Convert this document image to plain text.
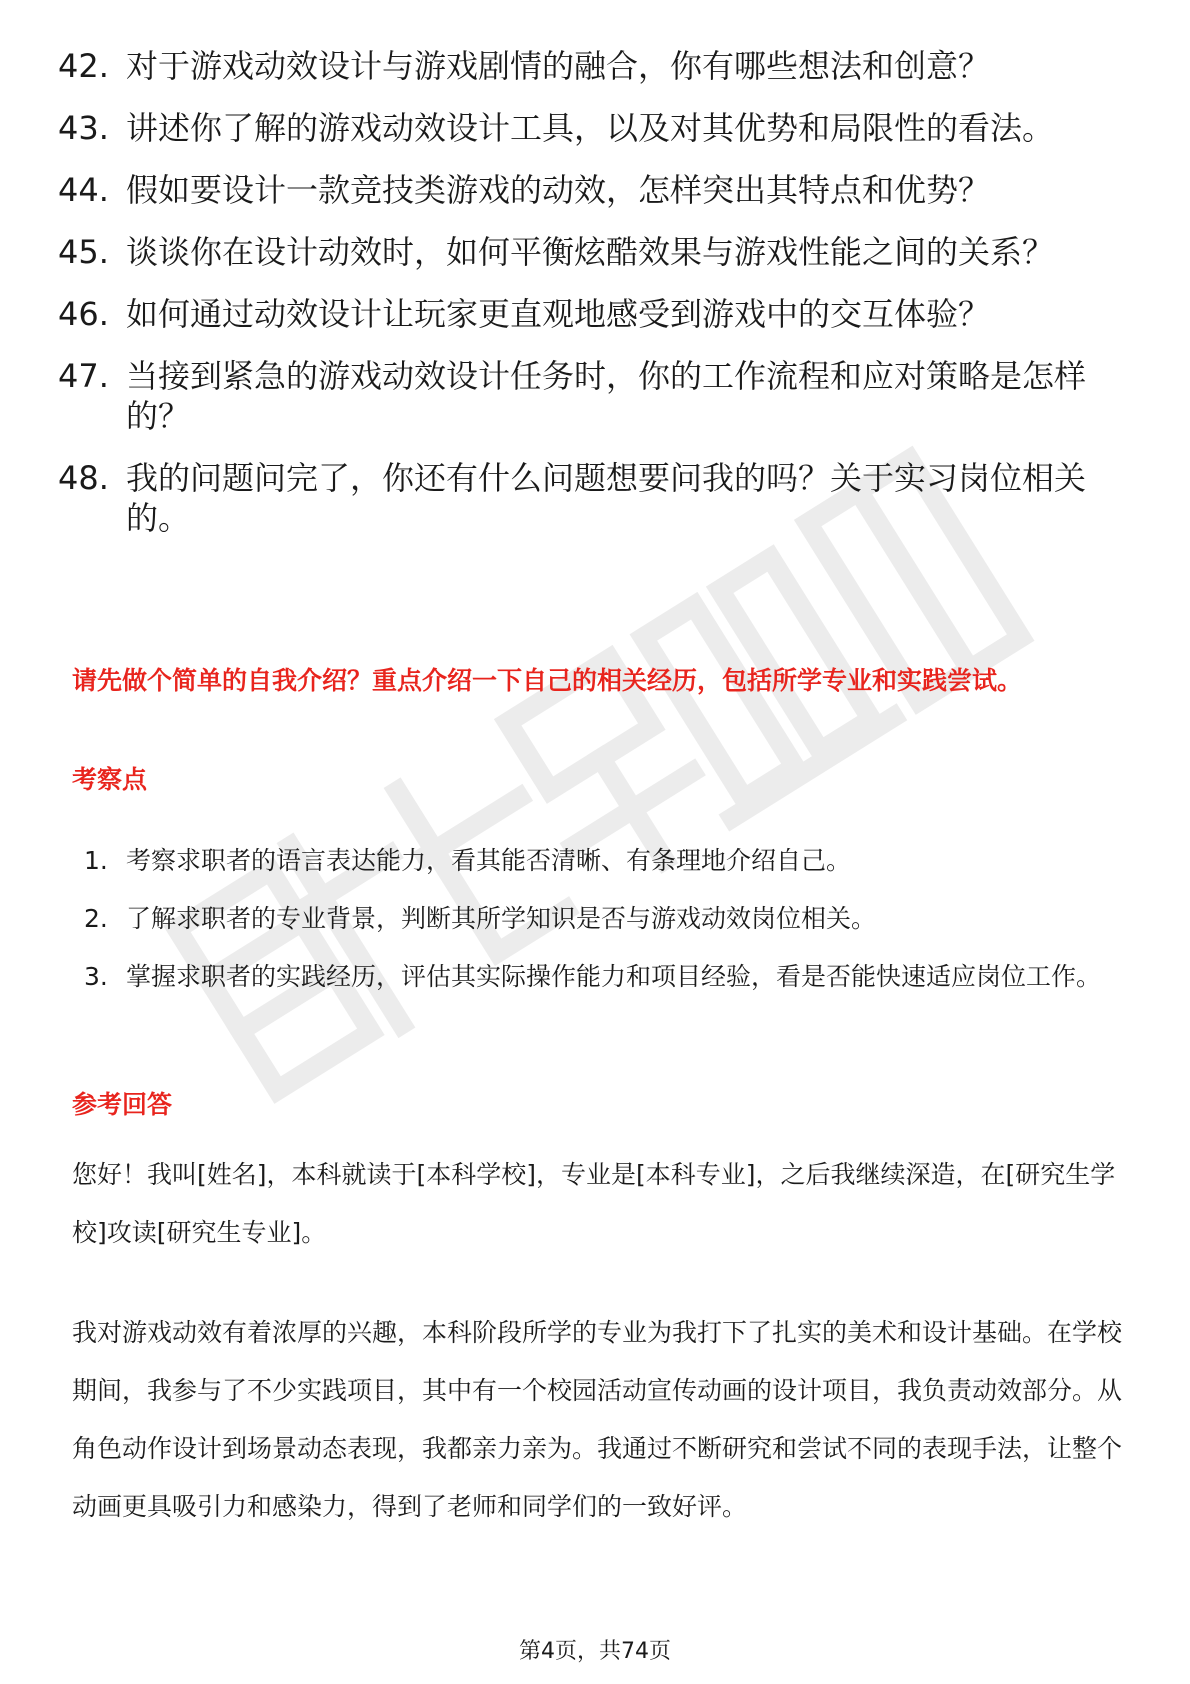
42. 对于游戏动效设计与游戏剧情的融合，你有哪些想法和创意？
43. 讲述你了解的游戏动效设计工具，以及对其优势和局限性的看法。
44. 假如要设计一款竞技类游戏的动效，怎样突出其特点和优势？
45. 谈谈你在设计动效时，如何平衡炫酷效果与游戏性能之间的关系？
46. 如何通过动效设计让玩家更直观地感受到游戏中的交互体验？
47. 当接到紧急的游戏动效设计任务时，你的工作流程和应对策略是怎样的？
48. 我的问题问完了，你还有什么问题想要问我的吗？关于实习岗位相关的。
请先做个简单的自我介绍？重点介绍一下自己的相关经历，包括所学专业和实践尝试。
考察点
1. 考察求职者的语言表达能力，看其能否清晰、有条理地介绍自己。
2. 了解求职者的专业背景，判断其所学知识是否与游戏动效岗位相关。
3. 掌握求职者的实践经历，评估其实际操作能力和项目经验，看是否能快速适应岗位工作。
参考回答
您好！我叫[姓名]，本科就读于[本科学校]，专业是[本科专业]，之后我继续深造，在[研究生学校]攻读[研究生专业]。
我对游戏动效有着浓厚的兴趣，本科阶段所学的专业为我打下了扎实的美术和设计基础。在学校期间，我参与了不少实践项目，其中有一个校园活动宣传动画的设计项目，我负责动效部分。从角色动作设计到场景动态表现，我都亲力亲为。我通过不断研究和尝试不同的表现手法，让整个动画更具吸引力和感染力，得到了老师和同学们的一致好评。
第4页，共74页
